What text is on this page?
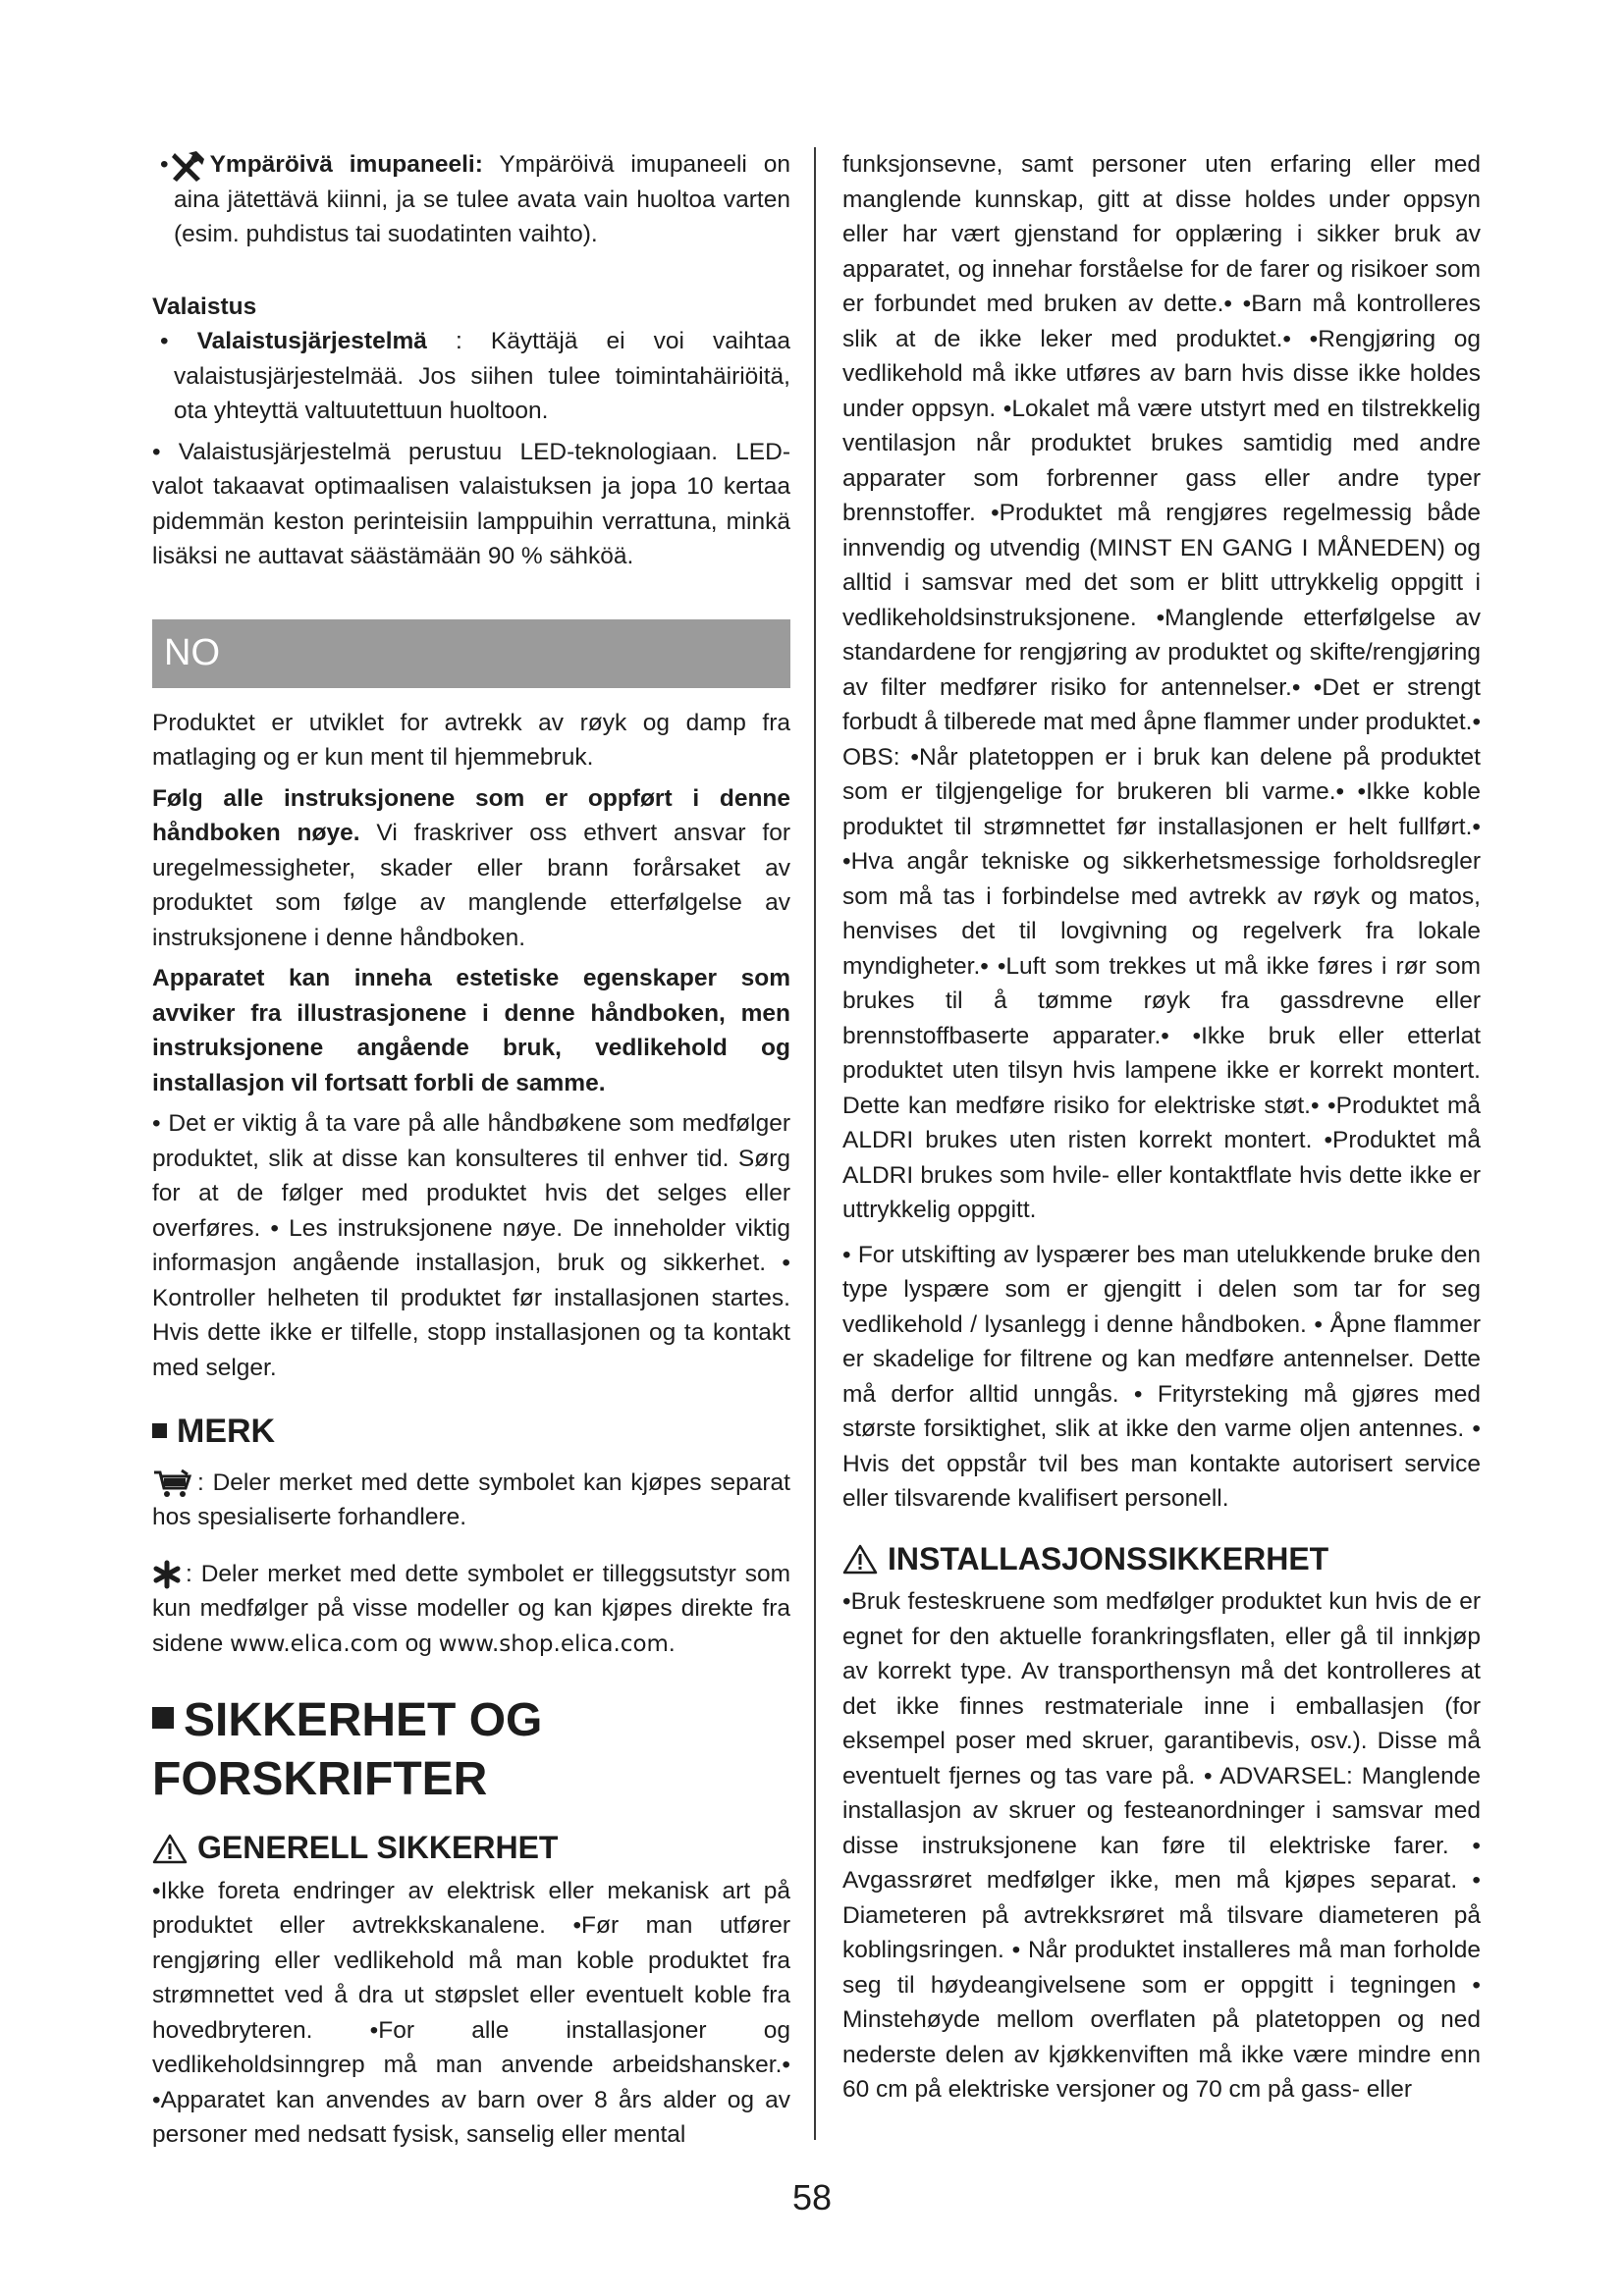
• Ympäröivä imupaneeli: Ympäröivä imupaneeli on aina jätettävä kiinni, ja se tulee avata vain huoltoa varten (esim. puhdistus tai suodatinten vaihto).

Valaistus

• Valaistusjärjestelmä : Käyttäjä ei voi vaihtaa valaistusjärjestelmää. Jos siihen tulee toimintahäiriöitä, ota yhteyttä valtuutettuun huoltoon.

• Valaistusjärjestelmä perustuu LED-teknologiaan. LED-valot takaavat optimaalisen valaistuksen ja jopa 10 kertaa pidemmän keston perinteisiin lamppuihin verrattuna, minkä lisäksi ne auttavat säästämään 90 % sähköä.

NO

Produktet er utviklet for avtrekk av røyk og damp fra matlaging og er kun ment til hjemmebruk.

Følg alle instruksjonene som er oppført i denne håndboken nøye. Vi fraskriver oss ethvert ansvar for uregelmessigheter, skader eller brann forårsaket av produktet som følge av manglende etterfølgelse av instruksjonene i denne håndboken.

Apparatet kan inneha estetiske egenskaper som avviker fra illustrasjonene i denne håndboken, men instruksjonene angående bruk, vedlikehold og installasjon vil fortsatt forbli de samme.

• Det er viktig å ta vare på alle håndbøkene som medfølger produktet, slik at disse kan konsulteres til enhver tid. Sørg for at de følger med produktet hvis det selges eller overføres. • Les instruksjonene nøye. De inneholder viktig informasjon angående installasjon, bruk og sikkerhet. • Kontroller helheten til produktet før installasjonen startes. Hvis dette ikke er tilfelle, stopp installasjonen og ta kontakt med selger.

MERK

: Deler merket med dette symbolet kan kjøpes separat hos spesialiserte forhandlere.

: Deler merket med dette symbolet er tilleggsutstyr som kun medfølger på visse modeller og kan kjøpes direkte fra sidene www.elica.com og www.shop.elica.com.

SIKKERHET OG
FORSKRIFTER
GENERELL SIKKERHET

•Ikke foreta endringer av elektrisk eller mekanisk art på produktet eller avtrekkskanalene. •Før man utfører rengjøring eller vedlikehold må man koble produktet fra strømnettet ved å dra ut støpslet eller eventuelt koble fra hovedbryteren. •For alle installasjoner og vedlikeholdsinngrep må man anvende arbeidshansker.• •Apparatet kan anvendes av barn over 8 års alder og av personer med nedsatt fysisk, sanselig eller mental

funksjonsevne, samt personer uten erfaring eller med manglende kunnskap, gitt at disse holdes under oppsyn eller har vært gjenstand for opplæring i sikker bruk av apparatet, og innehar forståelse for de farer og risikoer som er forbundet med bruken av dette.• •Barn må kontrolleres slik at de ikke leker med produktet.• •Rengjøring og vedlikehold må ikke utføres av barn hvis disse ikke holdes under oppsyn. •Lokalet må være utstyrt med en tilstrekkelig ventilasjon når produktet brukes samtidig med andre apparater som forbrenner gass eller andre typer brennstoffer. •Produktet må rengjøres regelmessig både innvendig og utvendig (MINST EN GANG I MÅNEDEN) og alltid i samsvar med det som er blitt uttrykkelig oppgitt i vedlikeholdsinstruksjonene. •Manglende etterfølgelse av standardene for rengjøring av produktet og skifte/rengjøring av filter medfører risiko for antennelser.• •Det er strengt forbudt å tilberede mat med åpne flammer under produktet.• OBS: •Når platetoppen er i bruk kan delene på produktet som er tilgjengelige for brukeren bli varme.• •Ikke koble produktet til strømnettet før installasjonen er helt fullført.• •Hva angår tekniske og sikkerhetsmessige forholdsregler som må tas i forbindelse med avtrekk av røyk og matos, henvises det til lovgivning og regelverk fra lokale myndigheter.• •Luft som trekkes ut må ikke føres i rør som brukes til å tømme røyk fra gassdrevne eller brennstoffbaserte apparater.• •Ikke bruk eller etterlat produktet uten tilsyn hvis lampene ikke er korrekt montert. Dette kan medføre risiko for elektriske støt.• •Produktet må ALDRI brukes uten risten korrekt montert. •Produktet må ALDRI brukes som hvile- eller kontaktflate hvis dette ikke er uttrykkelig oppgitt.

• For utskifting av lyspærer bes man utelukkende bruke den type lyspære som er gjengitt i delen som tar for seg vedlikehold / lysanlegg i denne håndboken. • Åpne flammer er skadelige for filtrene og kan medføre antennelser. Dette må derfor alltid unngås. • Frityrsteking må gjøres med største forsiktighet, slik at ikke den varme oljen antennes. • Hvis det oppstår tvil bes man kontakte autorisert service eller tilsvarende kvalifisert personell.

INSTALLASJONSSIKKERHET

•Bruk festeskruene som medfølger produktet kun hvis de er egnet for den aktuelle forankringsflaten, eller gå til innkjøp av korrekt type. Av transporthensyn må det kontrolleres at det ikke finnes restmateriale inne i emballasjen (for eksempel poser med skruer, garantibevis, osv.). Disse må eventuelt fjernes og tas vare på. • ADVARSEL: Manglende installasjon av skruer og festeanordninger i samsvar med disse instruksjonene kan føre til elektriske farer. • Avgassrøret medfølger ikke, men må kjøpes separat. • Diameteren på avtrekksrøret må tilsvare diameteren på koblingsringen. • Når produktet installeres må man forholde seg til høydeangivelsene som er oppgitt i tegningen • Minstehøyde mellom overflaten på platetoppen og ned nederste delen av kjøkkenviften må ikke være mindre enn 60 cm på elektriske versjoner og 70 cm på gass- eller

58
